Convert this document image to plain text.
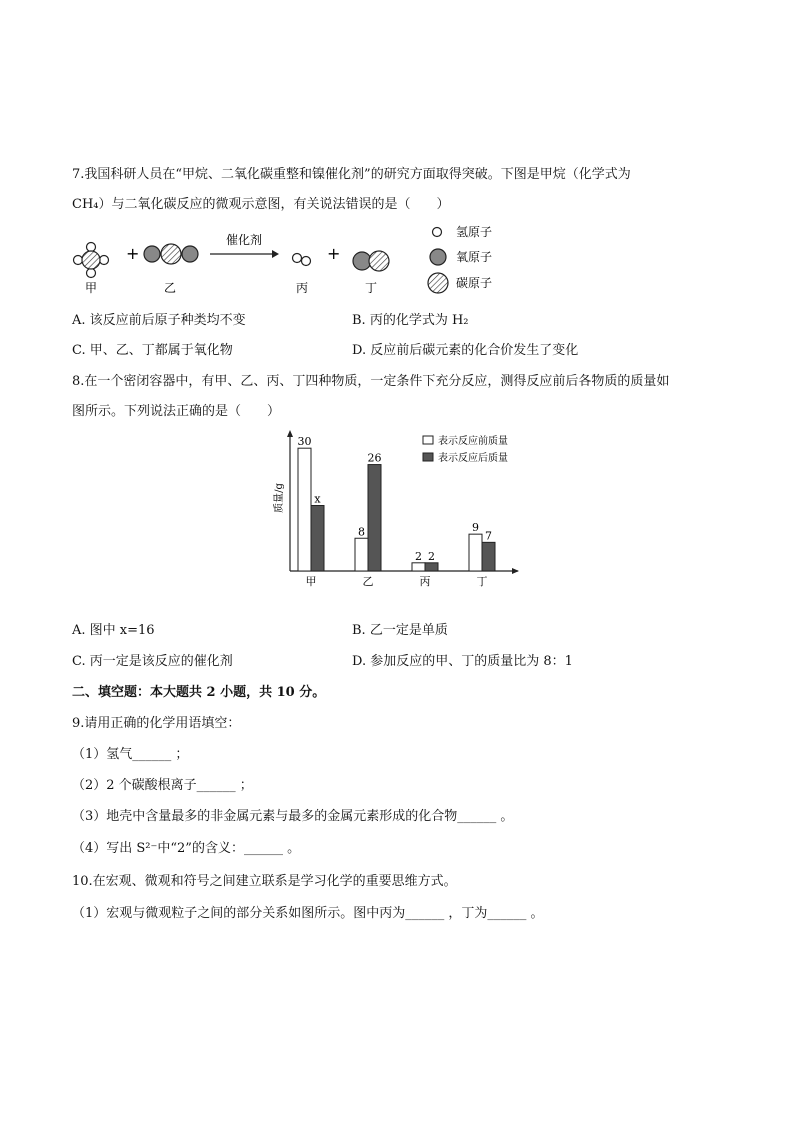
7.我国科研人员在“甲烷、二氧化碳重整和镍催化剂”的研究方面取得突破。下图是甲烷（化学式为
CH₄）与二氧化碳反应的微观示意图，有关说法错误的是（　　）
+
催化剂
+
甲	乙	丙	丁
氢原子
氧原子
碳原子
A. 该反应前后原子种类均不变	B. 丙的化学式为 H₂
C. 甲、乙、丁都属于氧化物	D. 反应前后碳元素的化合价发生了变化
8.在一个密闭容器中，有甲、乙、丙、丁四种物质，一定条件下充分反应，测得反应前后各物质的质量如
图所示。下列说法正确的是（　　）
质量/g
30
x
甲
8
26
乙
2 2
丙
9
7
丁
表示反应前质量
表示反应后质量
A. 图中 x=16	B. 乙一定是单质
C. 丙一定是该反应的催化剂	D. 参加反应的甲、丁的质量比为 8：1
二、填空题：本大题共 2 小题，共 10 分。
9.请用正确的化学用语填空：
（1）氢气______ ；
（2）2 个碳酸根离子______ ；
（3）地壳中含量最多的非金属元素与最多的金属元素形成的化合物______ 。
（4）写出 S²⁻中“2”的含义：______ 。
10.在宏观、微观和符号之间建立联系是学习化学的重要思维方式。
（1）宏观与微观粒子之间的部分关系如图所示。图中丙为______ ，丁为______ 。
